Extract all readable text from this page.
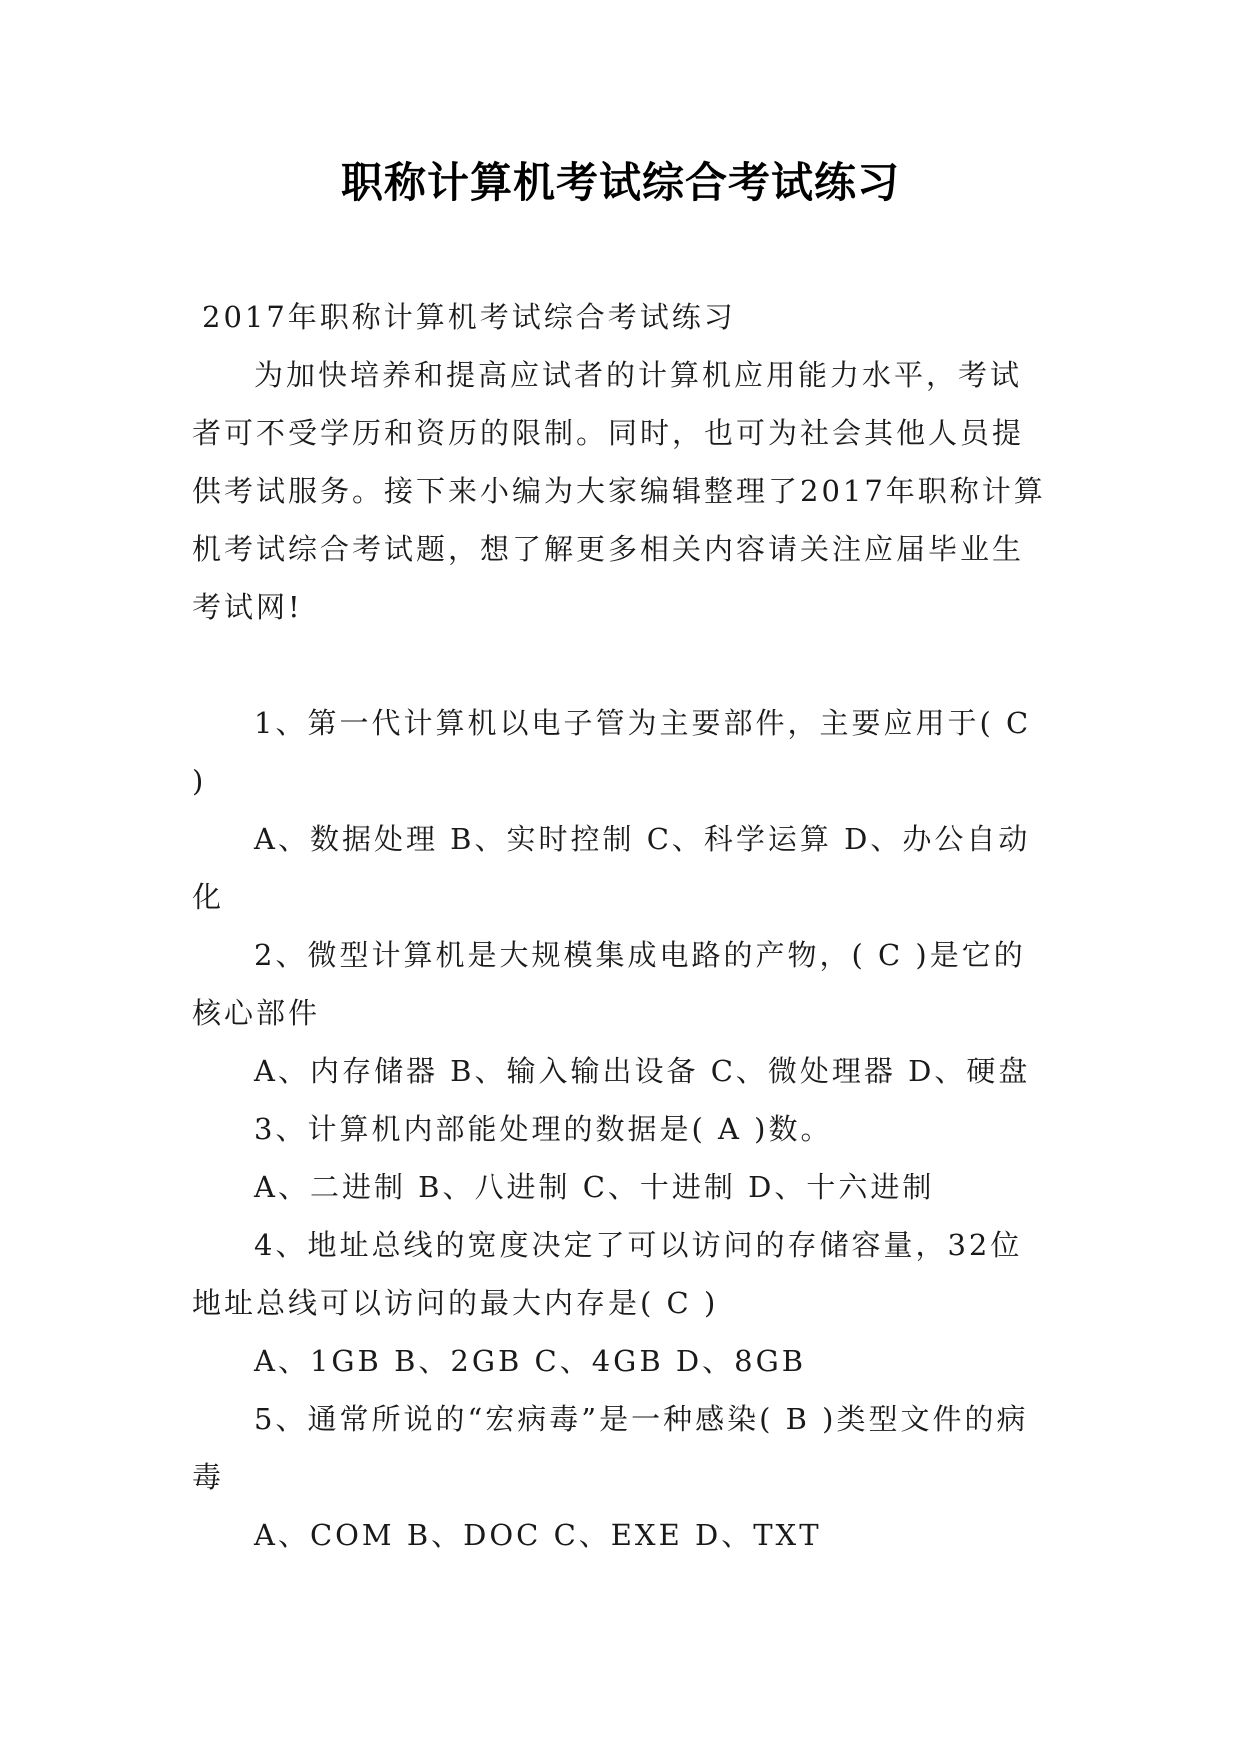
职称计算机考试综合考试练习

2017年职称计算机考试综合考试练习

为加快培养和提高应试者的计算机应用能力水平，考试者可不受学历和资历的限制。同时，也可为社会其他人员提供考试服务。接下来小编为大家编辑整理了2017年职称计算机考试综合考试题，想了解更多相关内容请关注应届毕业生考试网!

1、第一代计算机以电子管为主要部件，主要应用于( C )

A、数据处理 B、实时控制 C、科学运算 D、办公自动化

2、微型计算机是大规模集成电路的产物，( C )是它的核心部件

A、内存储器 B、输入输出设备 C、微处理器 D、硬盘

3、计算机内部能处理的数据是( A )数。

A、二进制 B、八进制 C、十进制 D、十六进制

4、地址总线的宽度决定了可以访问的存储容量，32位地址总线可以访问的最大内存是( C )

A、1GB B、2GB C、4GB D、8GB

5、通常所说的“宏病毒”是一种感染( B )类型文件的病毒

A、COM B、DOC C、EXE D、TXT
